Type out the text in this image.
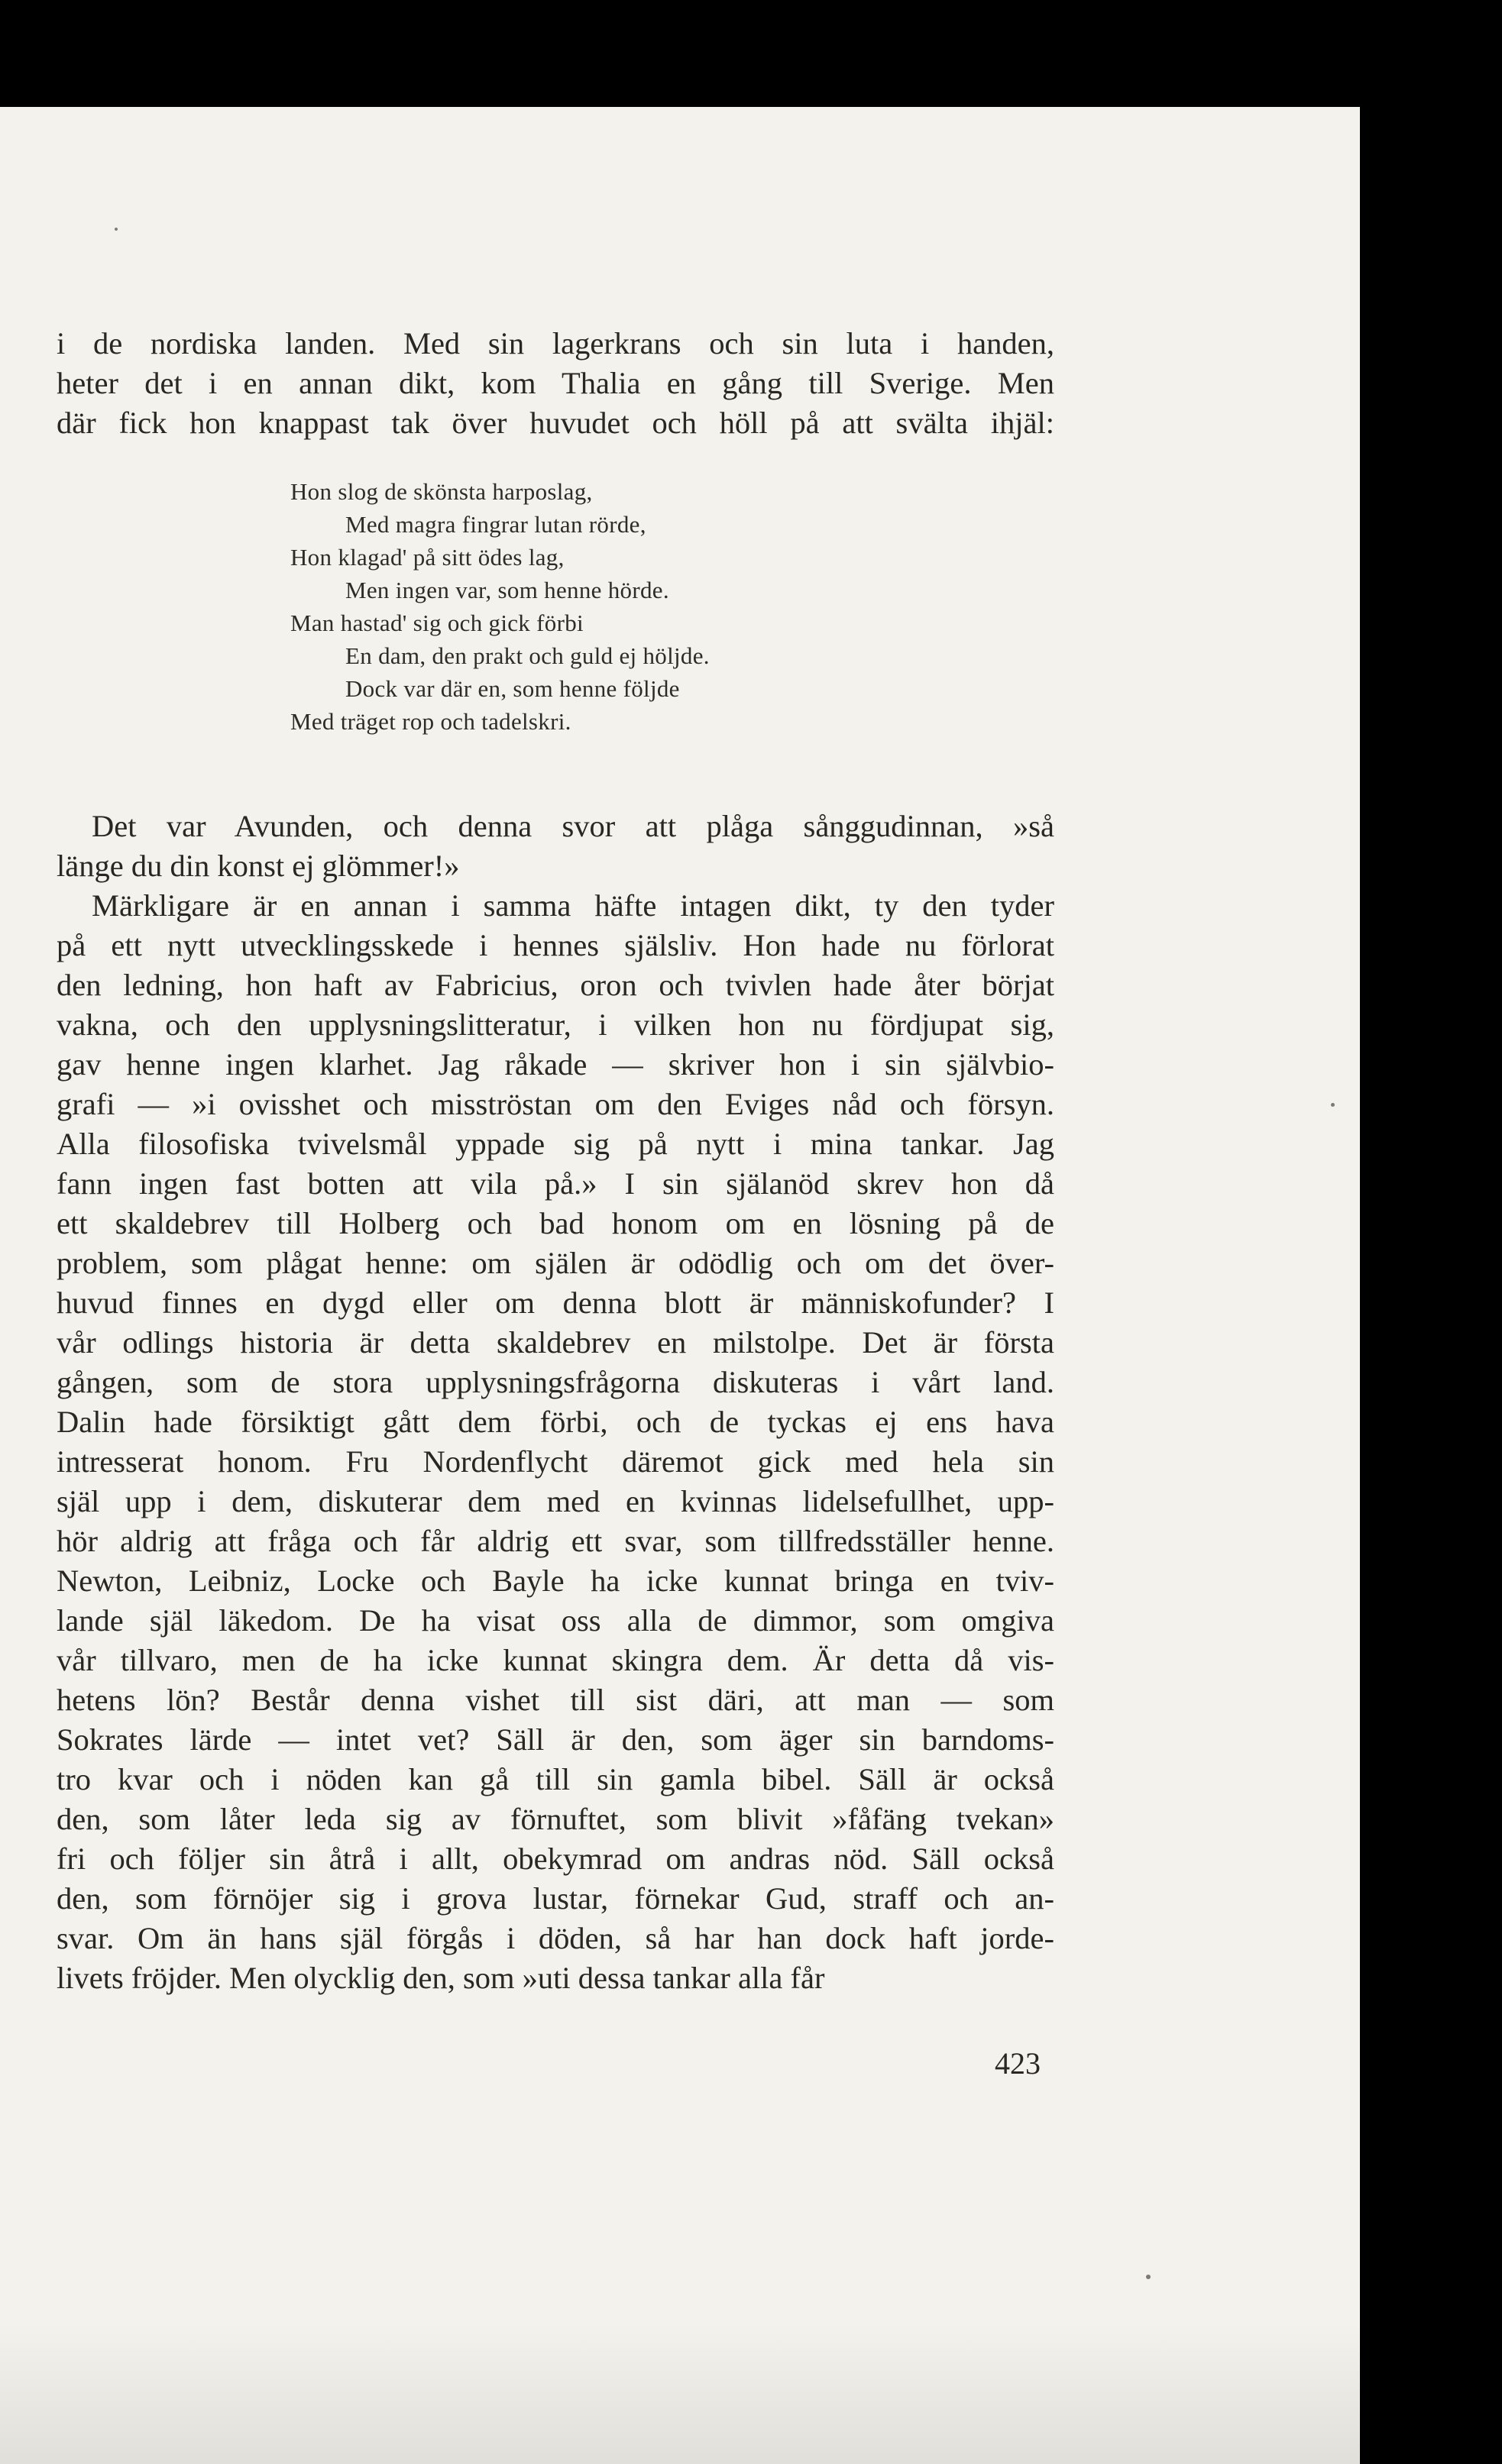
i de nordiska landen. Med sin lagerkrans och sin luta i handen,
heter det i en annan dikt, kom Thalia en gång till Sverige. Men
där fick hon knappast tak över huvudet och höll på att svälta ihjäl:
Hon slog de skönsta harposlag,
Med magra fingrar lutan rörde,
Hon klagad' på sitt ödes lag,
Men ingen var, som henne hörde.
Man hastad' sig och gick förbi
En dam, den prakt och guld ej höljde.
Dock var där en, som henne följde
Med träget rop och tadelskri.
Det var Avunden, och denna svor att plåga sånggudinnan, »så
länge du din konst ej glömmer!»
Märkligare är en annan i samma häfte intagen dikt, ty den tyder
på ett nytt utvecklingsskede i hennes själsliv. Hon hade nu förlorat
den ledning, hon haft av Fabricius, oron och tvivlen hade åter börjat
vakna, och den upplysningslitteratur, i vilken hon nu fördjupat sig,
gav henne ingen klarhet. Jag råkade — skriver hon i sin självbio-
grafi — »i ovisshet och misströstan om den Eviges nåd och försyn.
Alla filosofiska tvivelsmål yppade sig på nytt i mina tankar. Jag
fann ingen fast botten att vila på.» I sin själanöd skrev hon då
ett skaldebrev till Holberg och bad honom om en lösning på de
problem, som plågat henne: om själen är odödlig och om det över-
huvud finnes en dygd eller om denna blott är människofunder? I
vår odlings historia är detta skaldebrev en milstolpe. Det är första
gången, som de stora upplysningsfrågorna diskuteras i vårt land.
Dalin hade försiktigt gått dem förbi, och de tyckas ej ens hava
intresserat honom. Fru Nordenflycht däremot gick med hela sin
själ upp i dem, diskuterar dem med en kvinnas lidelsefullhet, upp-
hör aldrig att fråga och får aldrig ett svar, som tillfredsställer henne.
Newton, Leibniz, Locke och Bayle ha icke kunnat bringa en tviv-
lande själ läkedom. De ha visat oss alla de dimmor, som omgiva
vår tillvaro, men de ha icke kunnat skingra dem. Är detta då vis-
hetens lön? Består denna vishet till sist däri, att man — som
Sokrates lärde — intet vet? Säll är den, som äger sin barndoms-
tro kvar och i nöden kan gå till sin gamla bibel. Säll är också
den, som låter leda sig av förnuftet, som blivit »fåfäng tvekan»
fri och följer sin åtrå i allt, obekymrad om andras nöd. Säll också
den, som förnöjer sig i grova lustar, förnekar Gud, straff och an-
svar. Om än hans själ förgås i döden, så har han dock haft jorde-
livets fröjder. Men olycklig den, som »uti dessa tankar alla får
423
